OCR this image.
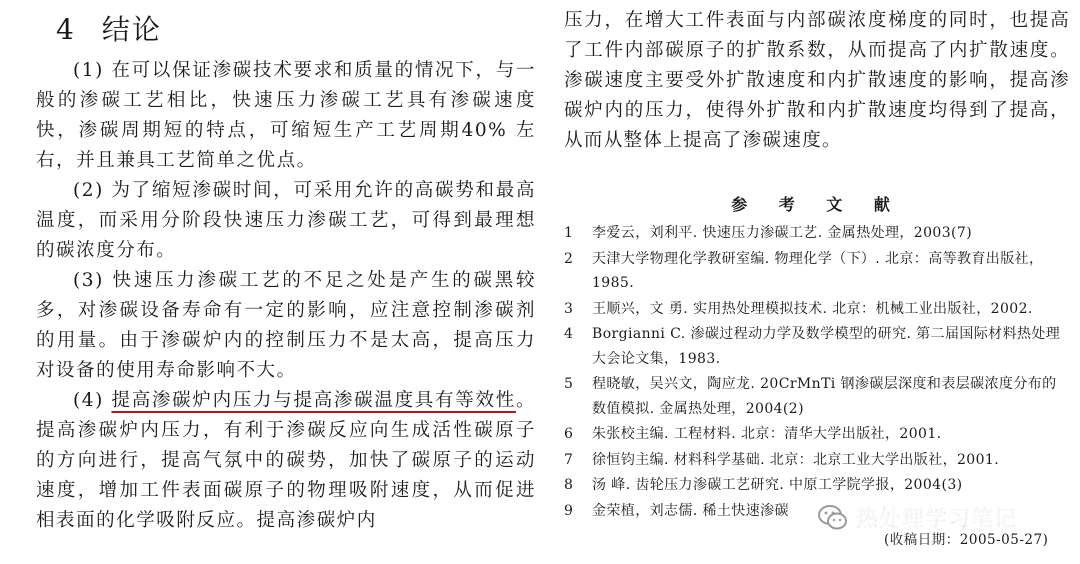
4 结论

(1) 在可以保证渗碳技术要求和质量的情况下，与一般的渗碳工艺相比，快速压力渗碳工艺具有渗碳速度快，渗碳周期短的特点，可缩短生产工艺周期40% 左右，并且兼具工艺简单之优点。

(2) 为了缩短渗碳时间，可采用允许的高碳势和最高温度，而采用分阶段快速压力渗碳工艺，可得到最理想的碳浓度分布。

(3) 快速压力渗碳工艺的不足之处是产生的碳黑较多，对渗碳设备寿命有一定的影响，应注意控制渗碳剂的用量。由于渗碳炉内的控制压力不是太高，提高压力对设备的使用寿命影响不大。

(4) 提高渗碳炉内压力与提高渗碳温度具有等效性。提高渗碳炉内压力，有利于渗碳反应向生成活性碳原子的方向进行，提高气氛中的碳势，加快了碳原子的运动速度，增加工件表面碳原子的物理吸附速度，从而促进相表面的化学吸附反应。提高渗碳炉内

压力，在增大工件表面与内部碳浓度梯度的同时，也提高了工件内部碳原子的扩散系数，从而提高了内扩散速度。渗碳速度主要受外扩散速度和内扩散速度的影响，提高渗碳炉内的压力，使得外扩散和内扩散速度均得到了提高，从而从整体上提高了渗碳速度。

参 考 文 献
1	李爱云，刘利平. 快速压力渗碳工艺. 金属热处理，2003(7)
2	天津大学物理化学教研室编. 物理化学（下）. 北京：高等教育出版社，1985.
3	王顺兴，文 勇. 实用热处理模拟技术. 北京：机械工业出版社，2002.
4	Borgianni C. 渗碳过程动力学及数学模型的研究. 第二届国际材料热处理大会论文集，1983.
5	程晓敏，吴兴文，陶应龙. 20CrMnTi 钢渗碳层深度和表层碳浓度分布的数值模拟. 金属热处理，2004(2)
6	朱张校主编. 工程材料. 北京：清华大学出版社，2001.
7	徐恒钧主编. 材料科学基础. 北京：北京工业大学出版社，2001.
8	汤 峰. 齿轮压力渗碳工艺研究. 中原工学院学报，2004(3)
9	金荣植，刘志儒. 稀土快速渗碳
(收稿日期：2005-05-27)
热处理学习笔记
